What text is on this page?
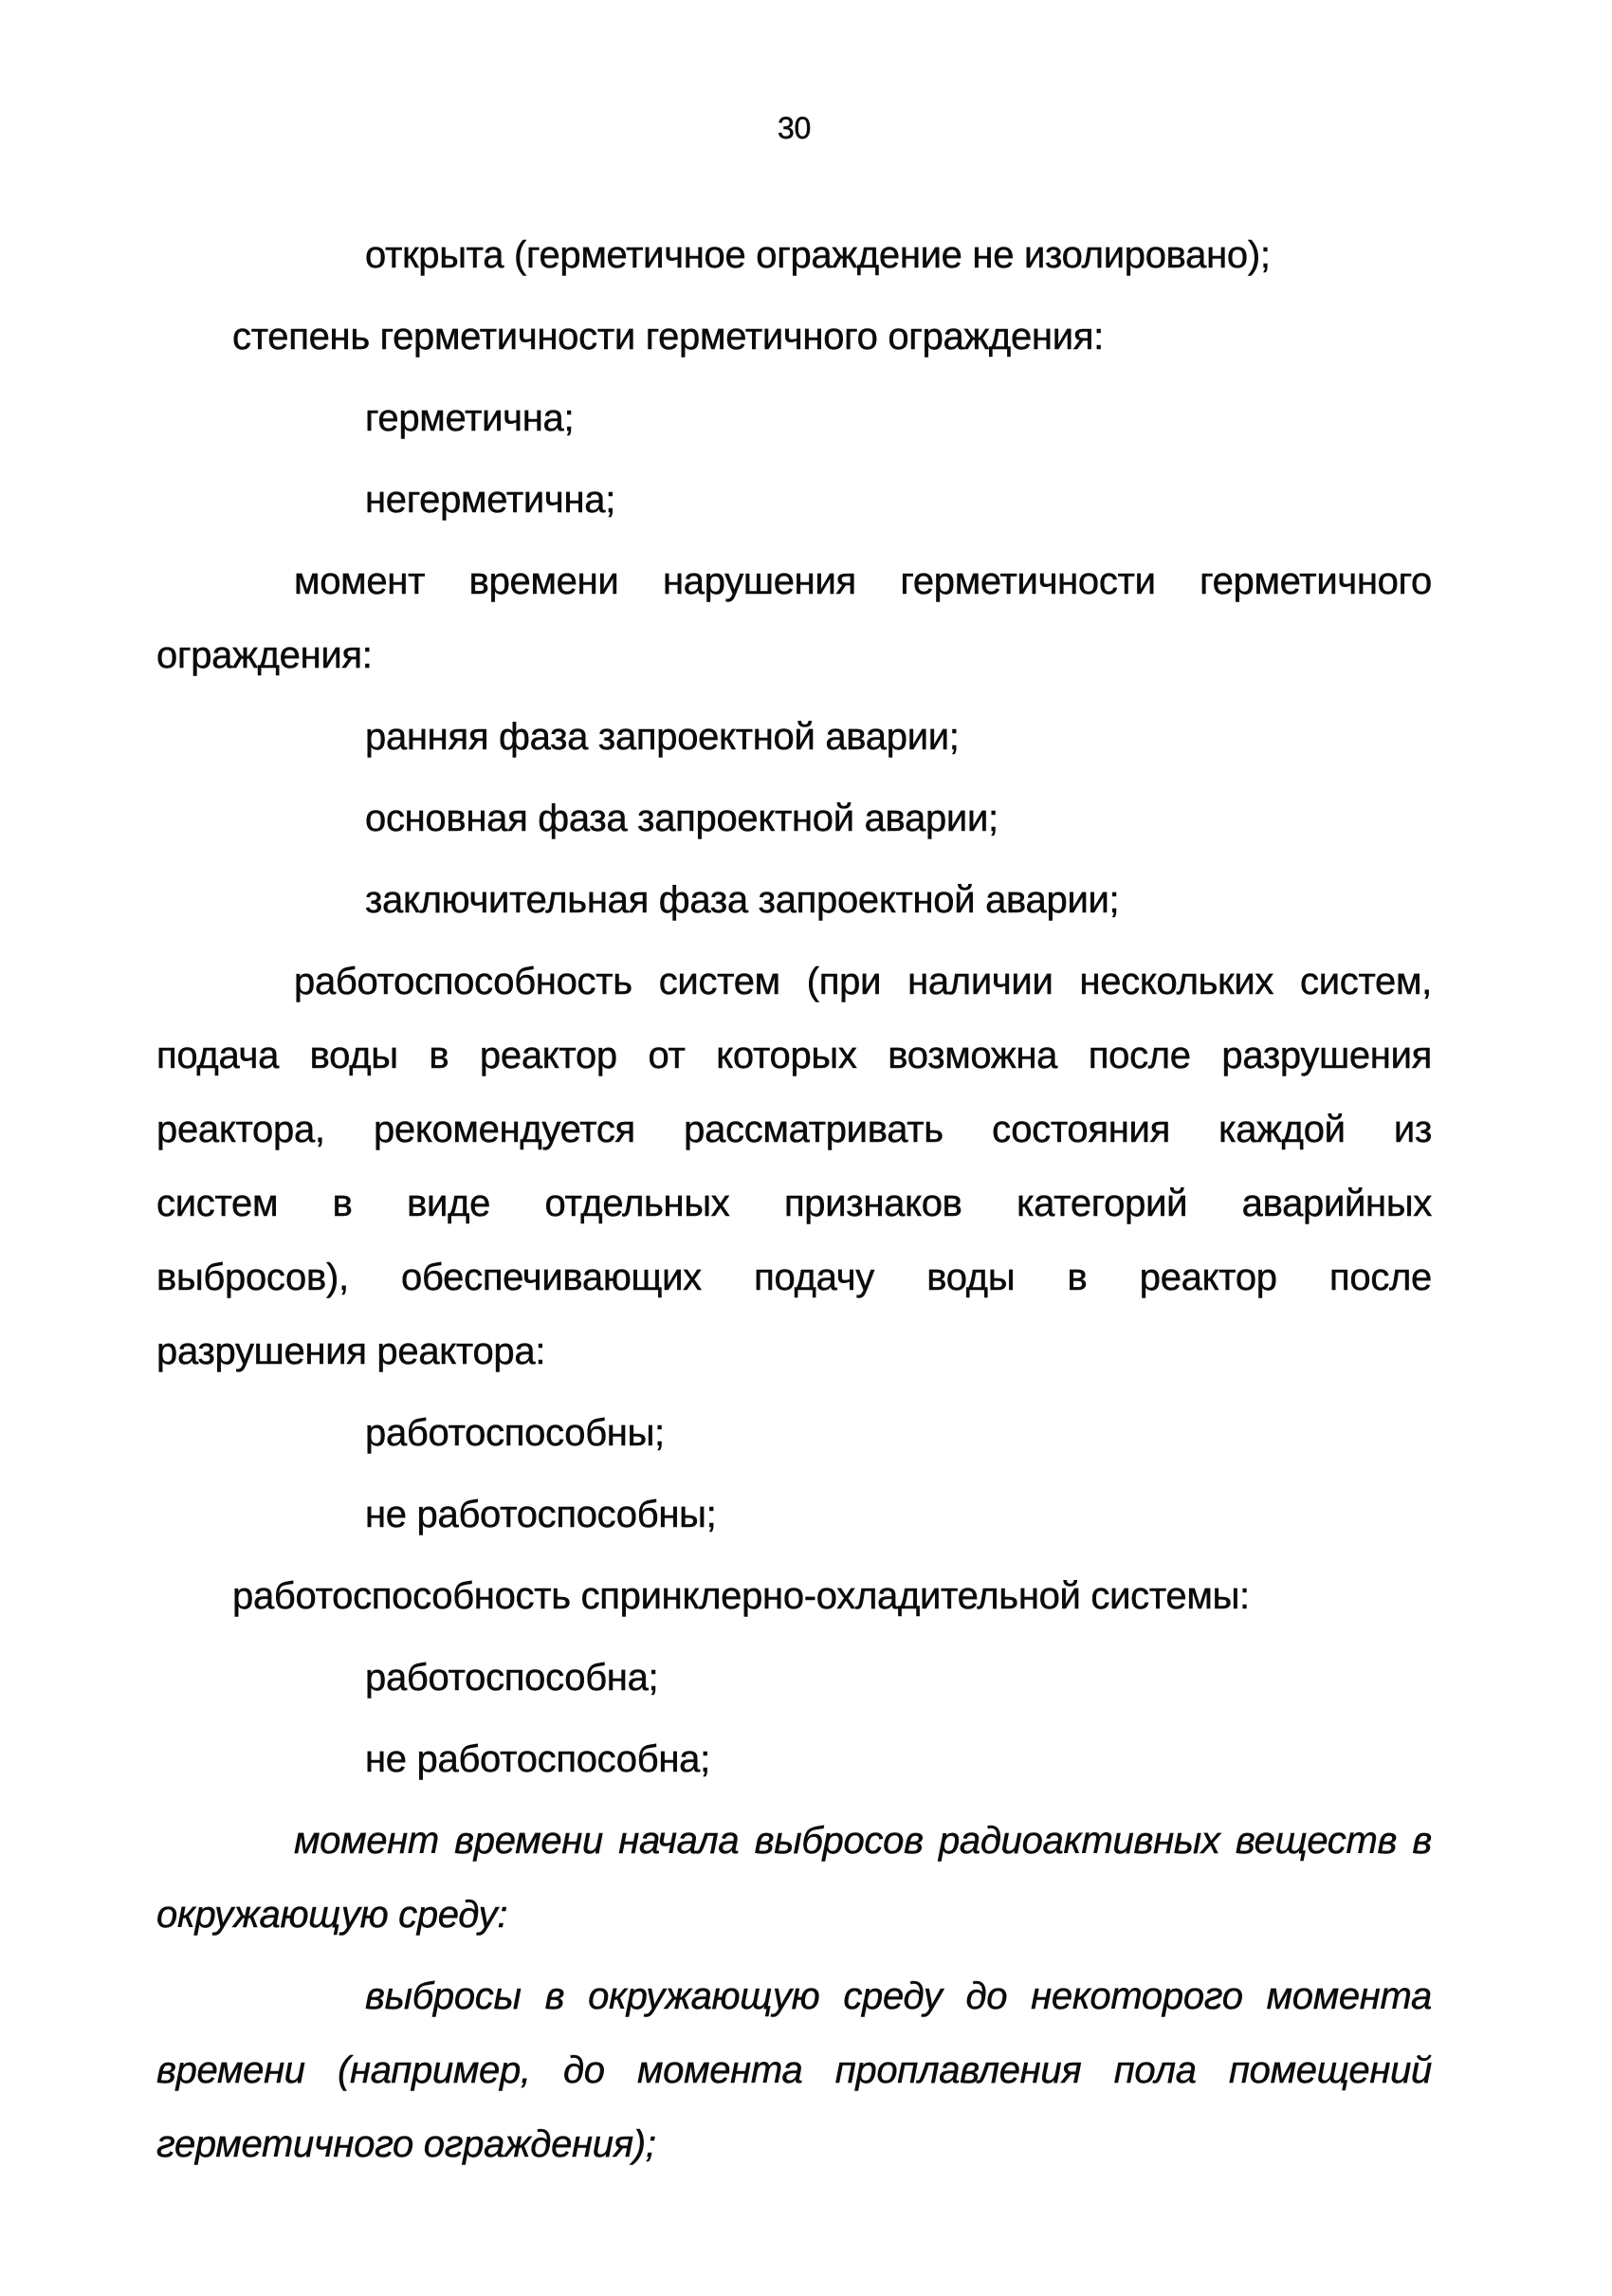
30
открыта (герметичное ограждение не изолировано);
степень герметичности герметичного ограждения:
герметична;
негерметична;
момент времени нарушения герметичности герметичного
ограждения:
ранняя фаза запроектной аварии;
основная фаза запроектной аварии;
заключительная фаза запроектной аварии;
работоспособность систем (при наличии нескольких систем,
подача воды в реактор от которых возможна после разрушения
реактора, рекомендуется рассматривать состояния каждой из
систем в виде отдельных признаков категорий аварийных
выбросов), обеспечивающих подачу воды в реактор после
разрушения реактора:
работоспособны;
не работоспособны;
работоспособность спринклерно-охладительной системы:
работоспособна;
не работоспособна;
момент времени начала выбросов радиоактивных веществ в
окружающую среду:
выбросы в окружающую среду до некоторого момента
времени (например, до момента проплавления пола помещений
герметичного ограждения);
